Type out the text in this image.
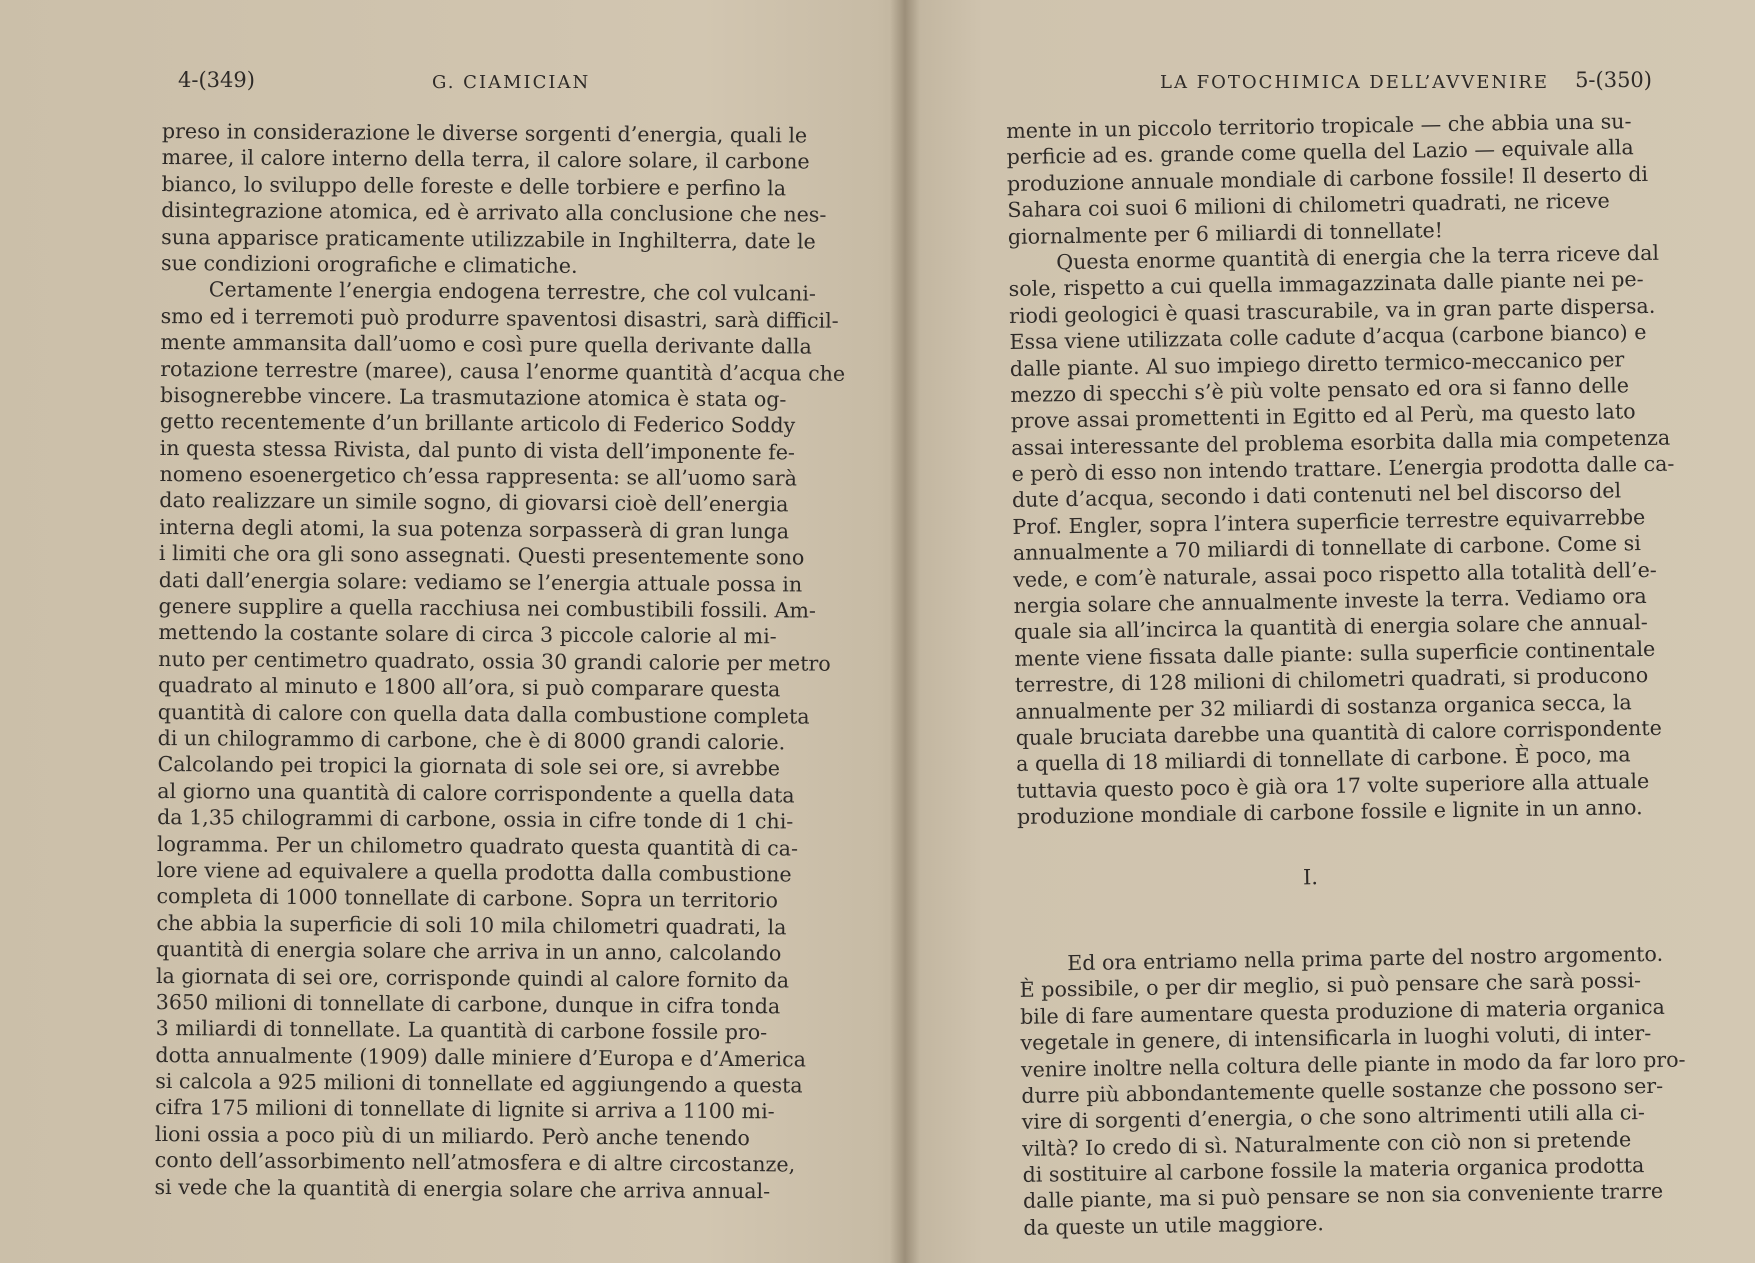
4-(349)	G. CIAMICIAN
preso in considerazione le diverse sorgenti d’energia, quali le
maree, il calore interno della terra, il calore solare, il carbone
bianco, lo sviluppo delle foreste e delle torbiere e perfino la
disintegrazione atomica, ed è arrivato alla conclusione che nes-
suna apparisce praticamente utilizzabile in Inghilterra, date le
sue condizioni orografiche e climatiche.
Certamente l’energia endogena terrestre, che col vulcani-
smo ed i terremoti può produrre spaventosi disastri, sarà difficil-
mente ammansita dall’uomo e così pure quella derivante dalla
rotazione terrestre (maree), causa l’enorme quantità d’acqua che
bisognerebbe vincere. La trasmutazione atomica è stata og-
getto recentemente d’un brillante articolo di Federico Soddy
in questa stessa Rivista, dal punto di vista dell’imponente fe-
nomeno esoenergetico ch’essa rappresenta: se all’uomo sarà
dato realizzare un simile sogno, di giovarsi cioè dell’energia
interna degli atomi, la sua potenza sorpasserà di gran lunga
i limiti che ora gli sono assegnati. Questi presentemente sono
dati dall’energia solare: vediamo se l’energia attuale possa in
genere supplire a quella racchiusa nei combustibili fossili. Am-
mettendo la costante solare di circa 3 piccole calorie al mi-
nuto per centimetro quadrato, ossia 30 grandi calorie per metro
quadrato al minuto e 1800 all’ora, si può comparare questa
quantità di calore con quella data dalla combustione completa
di un chilogrammo di carbone, che è di 8000 grandi calorie.
Calcolando pei tropici la giornata di sole sei ore, si avrebbe
al giorno una quantità di calore corrispondente a quella data
da 1,35 chilogrammi di carbone, ossia in cifre tonde di 1 chi-
logramma. Per un chilometro quadrato questa quantità di ca-
lore viene ad equivalere a quella prodotta dalla combustione
completa di 1000 tonnellate di carbone. Sopra un territorio
che abbia la superficie di soli 10 mila chilometri quadrati, la
quantità di energia solare che arriva in un anno, calcolando
la giornata di sei ore, corrisponde quindi al calore fornito da
3650 milioni di tonnellate di carbone, dunque in cifra tonda
3 miliardi di tonnellate. La quantità di carbone fossile pro-
dotta annualmente (1909) dalle miniere d’Europa e d’America
si calcola a 925 milioni di tonnellate ed aggiungendo a questa
cifra 175 milioni di tonnellate di lignite si arriva a 1100 mi-
lioni ossia a poco più di un miliardo. Però anche tenendo
conto dell’assorbimento nell’atmosfera e di altre circostanze,
si vede che la quantità di energia solare che arriva annual-
LA FOTOCHIMICA DELL’AVVENIRE 5-(350)
mente in un piccolo territorio tropicale — che abbia una su-
perficie ad es. grande come quella del Lazio — equivale alla
produzione annuale mondiale di carbone fossile! Il deserto di
Sahara coi suoi 6 milioni di chilometri quadrati, ne riceve
giornalmente per 6 miliardi di tonnellate!
Questa enorme quantità di energia che la terra riceve dal
sole, rispetto a cui quella immagazzinata dalle piante nei pe-
riodi geologici è quasi trascurabile, va in gran parte dispersa.
Essa viene utilizzata colle cadute d’acqua (carbone bianco) e
dalle piante. Al suo impiego diretto termico-meccanico per
mezzo di specchi s’è più volte pensato ed ora si fanno delle
prove assai promettenti in Egitto ed al Perù, ma questo lato
assai interessante del problema esorbita dalla mia competenza
e però di esso non intendo trattare. L’energia prodotta dalle ca-
dute d’acqua, secondo i dati contenuti nel bel discorso del
Prof. Engler, sopra l’intera superficie terrestre equivarrebbe
annualmente a 70 miliardi di tonnellate di carbone. Come si
vede, e com’è naturale, assai poco rispetto alla totalità dell’e-
nergia solare che annualmente investe la terra. Vediamo ora
quale sia all’incirca la quantità di energia solare che annual-
mente viene fissata dalle piante: sulla superficie continentale
terrestre, di 128 milioni di chilometri quadrati, si producono
annualmente per 32 miliardi di sostanza organica secca, la
quale bruciata darebbe una quantità di calore corrispondente
a quella di 18 miliardi di tonnellate di carbone. È poco, ma
tuttavia questo poco è già ora 17 volte superiore alla attuale
produzione mondiale di carbone fossile e lignite in un anno.
I.
Ed ora entriamo nella prima parte del nostro argomento.
È possibile, o per dir meglio, si può pensare che sarà possi-
bile di fare aumentare questa produzione di materia organica
vegetale in genere, di intensificarla in luoghi voluti, di inter-
venire inoltre nella coltura delle piante in modo da far loro pro-
durre più abbondantemente quelle sostanze che possono ser-
vire di sorgenti d’energia, o che sono altrimenti utili alla ci-
viltà? Io credo di sì. Naturalmente con ciò non si pretende
di sostituire al carbone fossile la materia organica prodotta
dalle piante, ma si può pensare se non sia conveniente trarre
da queste un utile maggiore.
